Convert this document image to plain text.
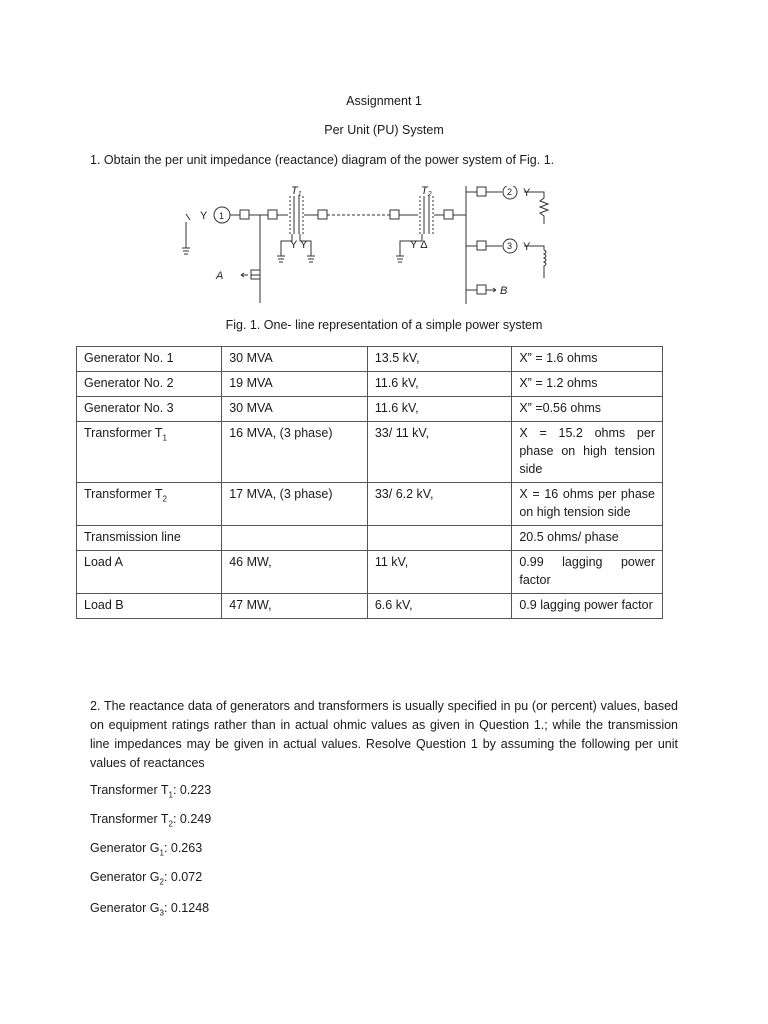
Assignment 1
Per Unit (PU) System
1. Obtain the per unit impedance (reactance) diagram of the power system of Fig. 1.
Y 1
T1	T2
Y Y	Y Δ
2 Y
3 Y
A
B
Fig. 1. One- line representation of a simple power system
Generator No. 1	30 MVA	13.5 kV,	X” = 1.6 ohms
Generator No. 2	19 MVA	11.6 kV,	X” = 1.2 ohms
Generator No. 3	30 MVA	11.6 kV,	X” =0.56 ohms
Transformer $T_1$	16 MVA, (3 phase)	33/ 11 kV,	X = 15.2 ohms per phase on high tension side
Transformer $T_2$	17 MVA, (3 phase)	33/ 6.2 kV,	X = 16 ohms per phase on high tension side
Transmission line			20.5 ohms/ phase
Load A	46 MW,	11 kV,	0.99 lagging power factor
Load B	47 MW,	6.6 kV,	0.9 lagging power factor
2. The reactance data of generators and transformers is usually specified in pu (or percent) values, based on equipment ratings rather than in actual ohmic values as given in Question 1.; while the transmission line impedances may be given in actual values. Resolve Question 1 by assuming the following per unit values of reactances
Transformer $T_1$: 0.223
Transformer $T_2$: 0.249
Generator $G_1$: 0.263
Generator $G_2$: 0.072
Generator $G_3$: 0.1248
